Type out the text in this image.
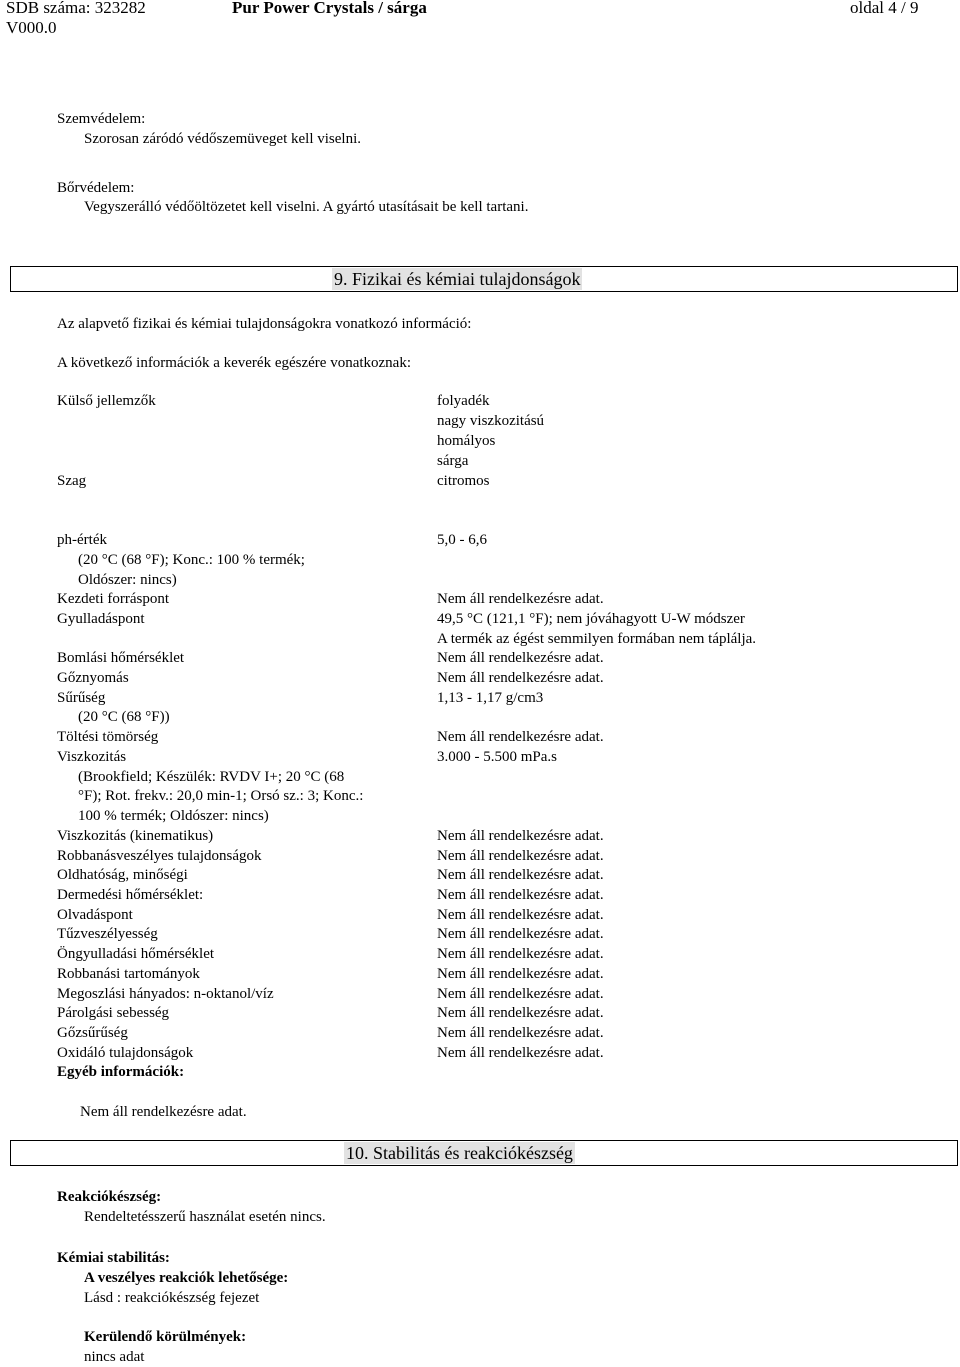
SDB száma: 323282	Pur Power Crystals / sárga	oldal 4 / 9
V000.0
Szemvédelem:
Szorosan záródó védőszemüveget kell viselni.
Bőrvédelem:
Vegyszerálló védőöltözetet kell viselni. A gyártó utasításait be kell tartani.
9. Fizikai és kémiai tulajdonságok
Az alapvető fizikai és kémiai tulajdonságokra vonatkozó információ:
A következő információk a keverék egészére vonatkoznak:
Külső jellemzők	folyadék
nagy viszkozitású
homályos
sárga
Szag	citromos
ph-érték	5,0 - 6,6
(20 °C (68 °F); Konc.: 100 % termék;
Oldószer: nincs)
Kezdeti forráspont	Nem áll rendelkezésre adat.
Gyulladáspont	49,5 °C (121,1 °F); nem jóváhagyott U-W módszer
A termék az égést semmilyen formában nem táplálja.
Bomlási hőmérséklet	Nem áll rendelkezésre adat.
Gőznyomás	Nem áll rendelkezésre adat.
Sűrűség	1,13 - 1,17 g/cm3
(20 °C (68 °F))
Töltési tömörség	Nem áll rendelkezésre adat.
Viszkozitás	3.000 - 5.500 mPa.s
(Brookfield; Készülék: RVDV I+; 20 °C (68
°F); Rot. frekv.: 20,0 min-1; Orsó sz.: 3; Konc.:
100 % termék; Oldószer: nincs)
Viszkozitás (kinematikus)	Nem áll rendelkezésre adat.
Robbanásveszélyes tulajdonságok	Nem áll rendelkezésre adat.
Oldhatóság, minőségi	Nem áll rendelkezésre adat.
Dermedési hőmérséklet:	Nem áll rendelkezésre adat.
Olvadáspont	Nem áll rendelkezésre adat.
Tűzveszélyesség	Nem áll rendelkezésre adat.
Öngyulladási hőmérséklet	Nem áll rendelkezésre adat.
Robbanási tartományok	Nem áll rendelkezésre adat.
Megoszlási hányados: n-oktanol/víz	Nem áll rendelkezésre adat.
Párolgási sebesség	Nem áll rendelkezésre adat.
Gőzsűrűség	Nem áll rendelkezésre adat.
Oxidáló tulajdonságok	Nem áll rendelkezésre adat.
Egyéb információk:
Nem áll rendelkezésre adat.
10. Stabilitás és reakciókészség
Reakciókészség:
Rendeltetésszerű használat esetén nincs.
Kémiai stabilitás:
A veszélyes reakciók lehetősége:
Lásd : reakciókészség fejezet
Kerülendő körülmények:
nincs adat
